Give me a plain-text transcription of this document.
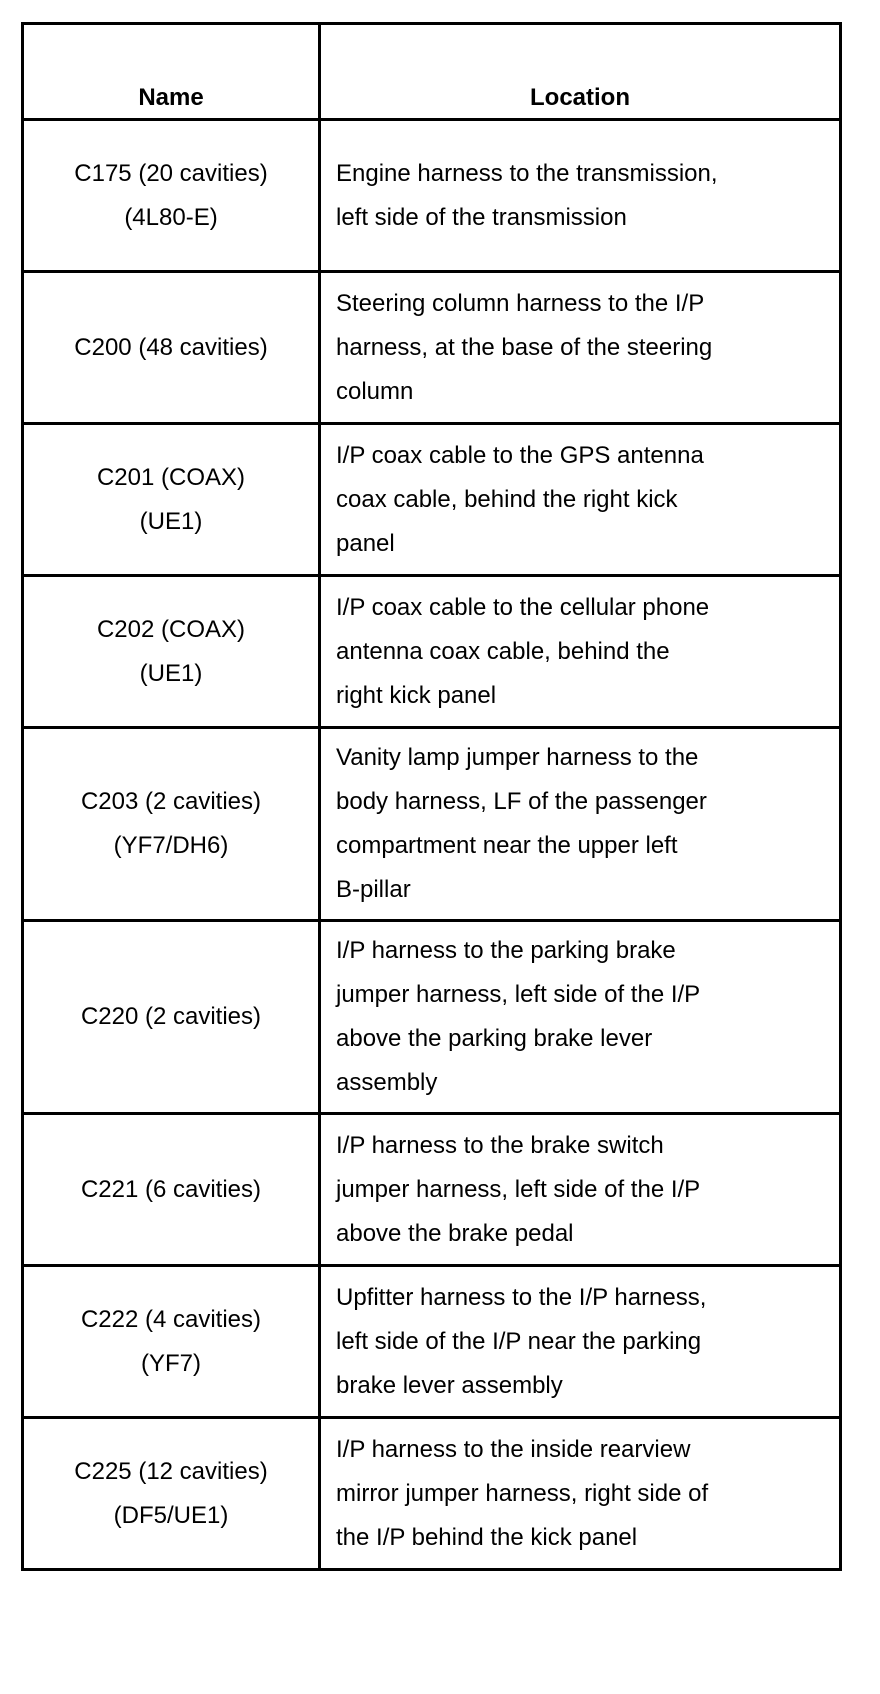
Name	Location

C175 (20 cavities)
(4L80-E)	Engine harness to the transmission,
left side of the transmission

C200 (48 cavities)	Steering column harness to the I/P
harness, at the base of the steering
column

C201 (COAX)
(UE1)	I/P coax cable to the GPS antenna
coax cable, behind the right kick
panel

C202 (COAX)
(UE1)	I/P coax cable to the cellular phone
antenna coax cable, behind the
right kick panel

C203 (2 cavities)
(YF7/DH6)	Vanity lamp jumper harness to the
body harness, LF of the passenger
compartment near the upper left
B-pillar

C220 (2 cavities)	I/P harness to the parking brake
jumper harness, left side of the I/P
above the parking brake lever
assembly

C221 (6 cavities)	I/P harness to the brake switch
jumper harness, left side of the I/P
above the brake pedal

C222 (4 cavities)
(YF7)	Upfitter harness to the I/P harness,
left side of the I/P near the parking
brake lever assembly

C225 (12 cavities)
(DF5/UE1)	I/P harness to the inside rearview
mirror jumper harness, right side of
the I/P behind the kick panel
